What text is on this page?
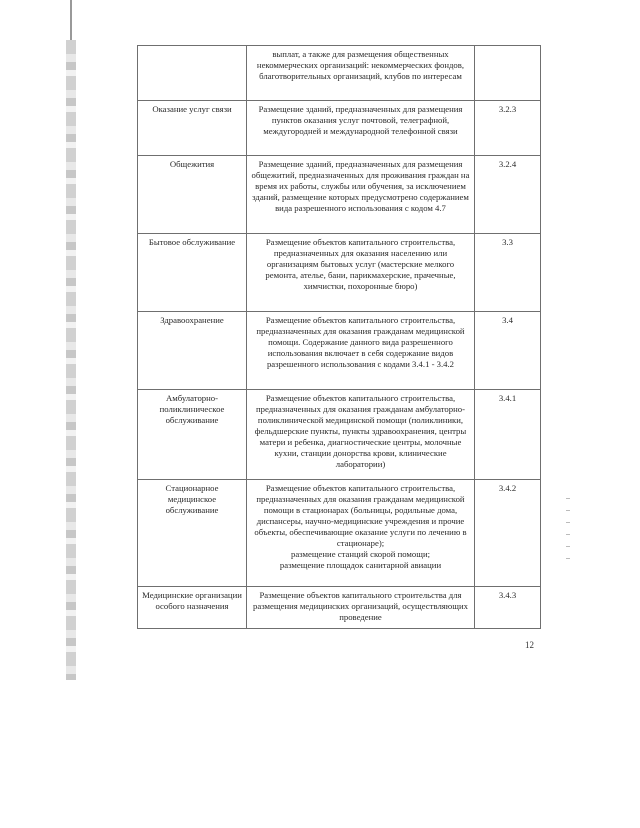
	выплат, а также для размещения общественных некоммерческих организаций: некоммерческих фондов, благотворительных организаций, клубов по интересам	
Оказание услуг связи	Размещение зданий, предназначенных для размещения пунктов оказания услуг почтовой, телеграфной, междугородней и международной телефонной связи	3.2.3
Общежития	Размещение зданий, предназначенных для размещения общежитий, предназначенных для проживания граждан на время их работы, службы или обучения, за исключением зданий, размещение которых предусмотрено содержанием вида разрешенного использования с кодом 4.7	3.2.4
Бытовое обслуживание	Размещение объектов капитального строительства, предназначенных для оказания населению или организациям бытовых услуг (мастерские мелкого ремонта, ателье, бани, парикмахерские, прачечные, химчистки, похоронные бюро)	3.3
Здравоохранение	Размещение объектов капитального строительства, предназначенных для оказания гражданам медицинской помощи. Содержание данного вида разрешенного использования включает в себя содержание видов разрешенного использования с кодами 3.4.1 - 3.4.2	3.4
Амбулаторно-поликлиническое обслуживание	Размещение объектов капитального строительства, предназначенных для оказания гражданам амбулаторно-поликлинической медицинской помощи (поликлиники, фельдшерские пункты, пункты здравоохранения, центры матери и ребенка, диагностические центры, молочные кухни, станции донорства крови, клинические лаборатории)	3.4.1
Стационарное медицинское обслуживание	Размещение объектов капитального строительства, предназначенных для оказания гражданам медицинской помощи в стационарах (больницы, родильные дома, диспансеры, научно-медицинские учреждения и прочие объекты, обеспечивающие оказание услуги по лечению в стационаре);

размещение станций скорой помощи;

размещение площадок санитарной авиации	3.4.2
Медицинские организации особого назначения	Размещение объектов капитального строительства для размещения медицинских организаций, осуществляющих проведение	3.4.3
12
